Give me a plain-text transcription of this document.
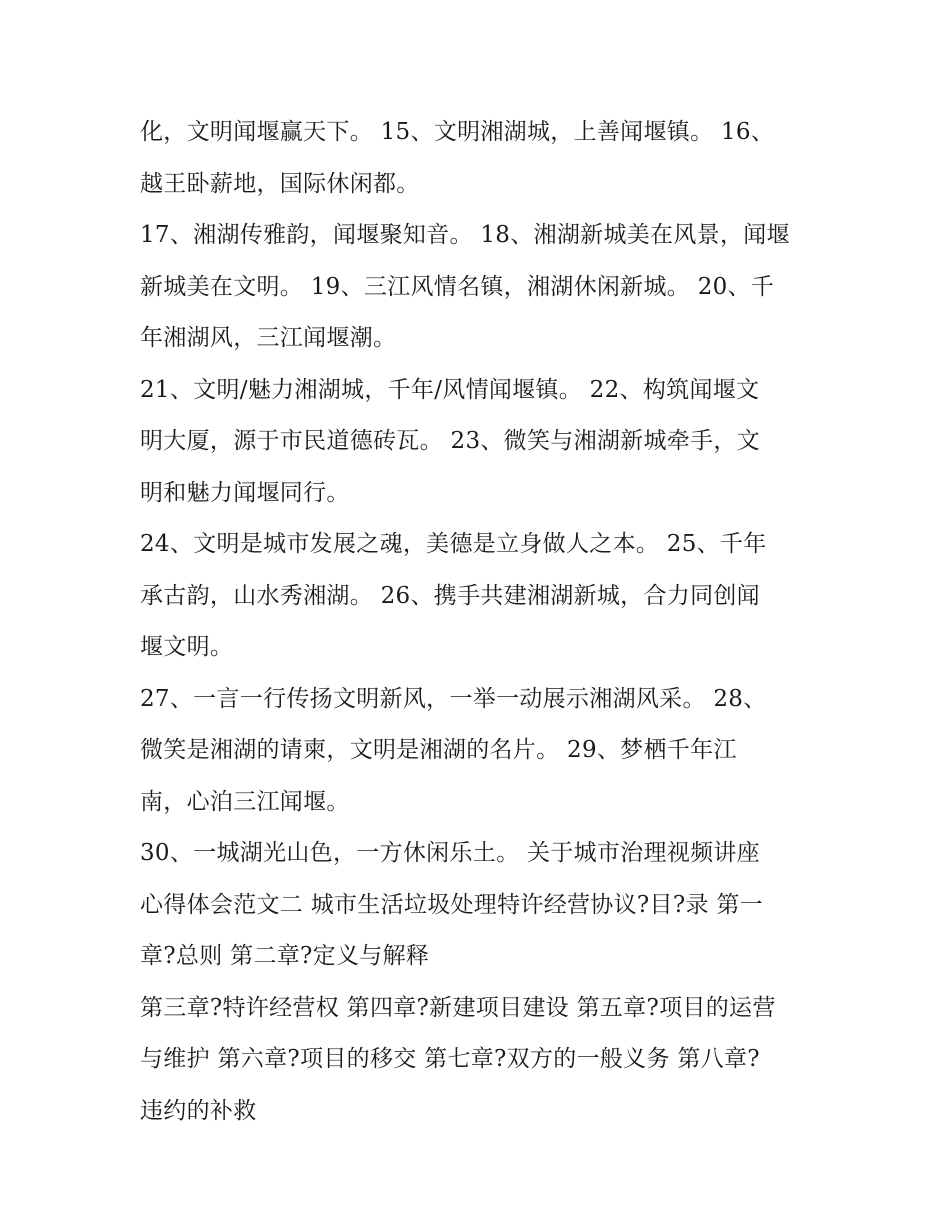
化，文明闻堰赢天下。 15、文明湘湖城，上善闻堰镇。 16、
越王卧薪地，国际休闲都。
17、湘湖传雅韵，闻堰聚知音。 18、湘湖新城美在风景，闻堰
新城美在文明。 19、三江风情名镇，湘湖休闲新城。 20、千
年湘湖风，三江闻堰潮。
21、文明/魅力湘湖城，千年/风情闻堰镇。 22、构筑闻堰文
明大厦，源于市民道德砖瓦。 23、微笑与湘湖新城牵手，文
明和魅力闻堰同行。
24、文明是城市发展之魂，美德是立身做人之本。 25、千年
承古韵，山水秀湘湖。 26、携手共建湘湖新城，合力同创闻
堰文明。
27、一言一行传扬文明新风，一举一动展示湘湖风采。 28、
微笑是湘湖的请柬，文明是湘湖的名片。 29、梦栖千年江
南，心泊三江闻堰。
30、一城湖光山色，一方休闲乐土。 关于城市治理视频讲座
心得体会范文二 城市生活垃圾处理特许经营协议?目?录 第一
章?总则 第二章?定义与解释
第三章?特许经营权 第四章?新建项目建设 第五章?项目的运营
与维护 第六章?项目的移交 第七章?双方的一般义务 第八章?
违约的补救
